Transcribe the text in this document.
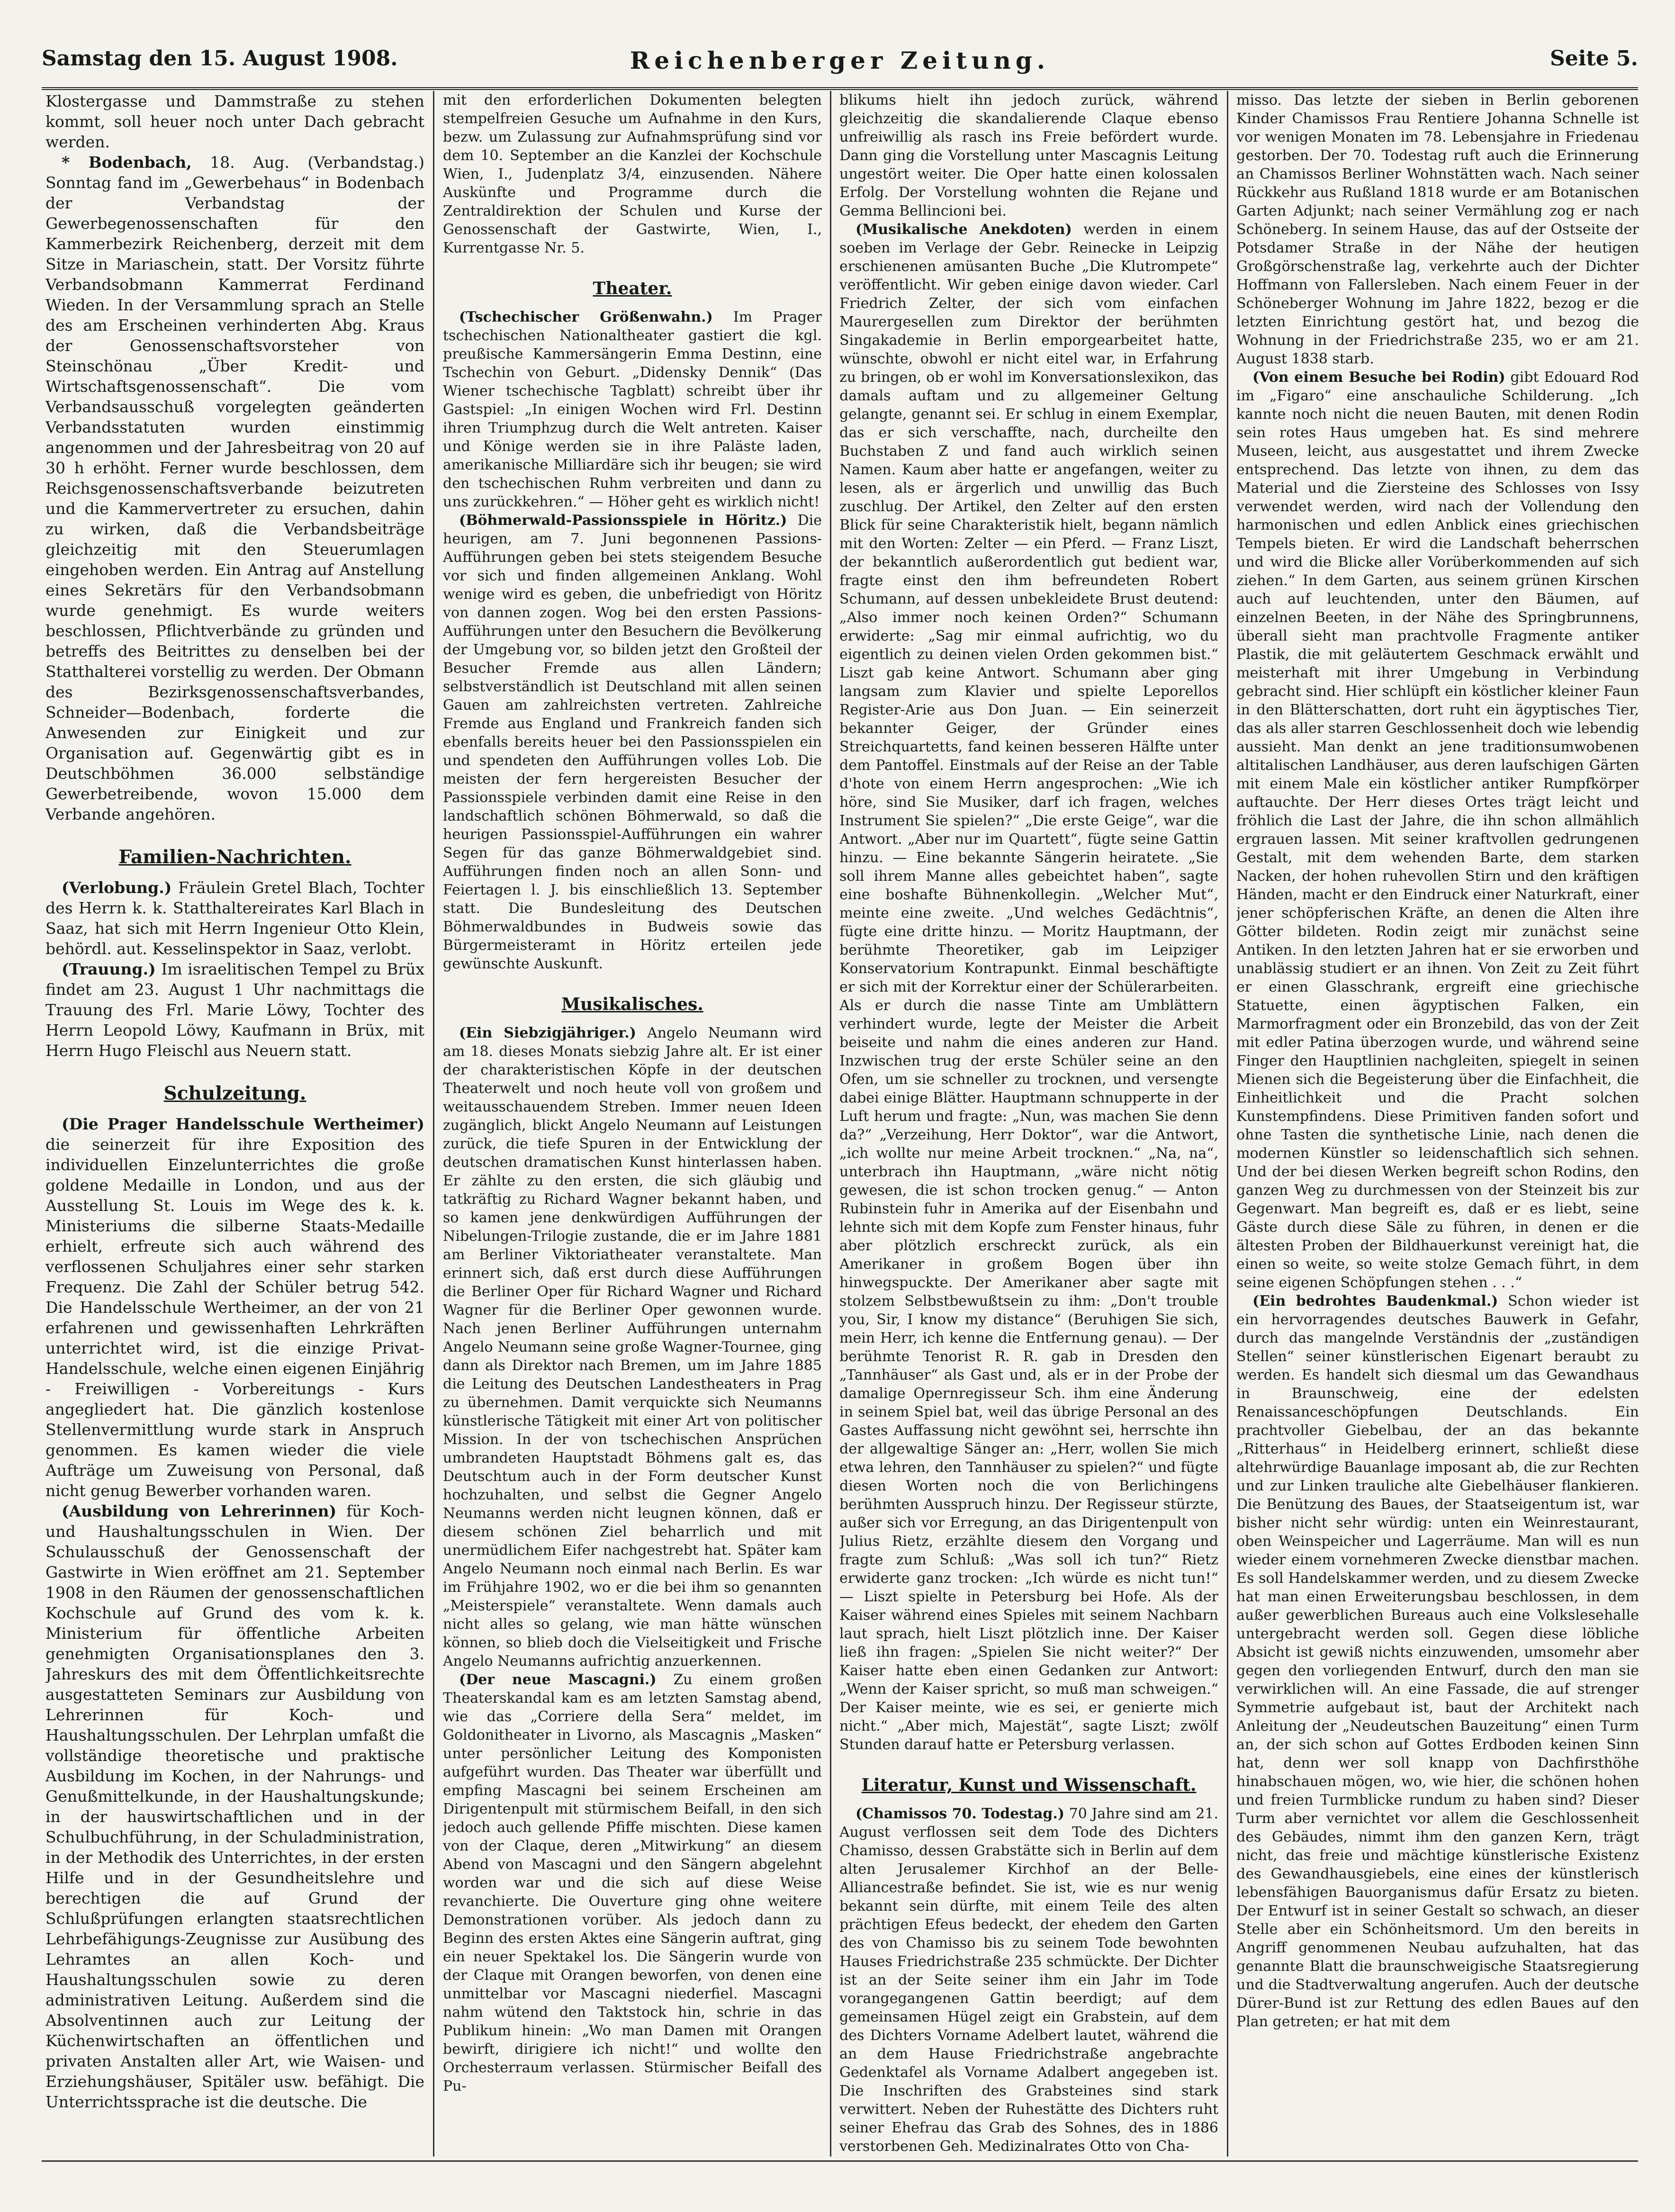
Samstag den 15. August 1908.	Reichenberger Zeitung.	Seite 5.

Klostergasse und Dammstraße zu stehen kommt, soll heuer noch unter Dach gebracht werden.

* Bodenbach, 18. Aug. (Verbandstag.) Sonntag fand im „Gewerbehaus“ in Bodenbach der Verbandstag der Gewerbegenossenschaften für den Kammerbezirk Reichenberg, derzeit mit dem Sitze in Mariaschein, statt. Der Vorsitz führte Verbandsobmann Kammerrat Ferdinand Wieden. In der Versammlung sprach an Stelle des am Erscheinen verhinderten Abg. Kraus der Genossenschaftsvorsteher von Steinschönau „Über Kredit- und Wirtschaftsgenossenschaft“. Die vom Verbandsausschuß vorgelegten geänderten Verbandsstatuten wurden einstimmig angenommen und der Jahresbeitrag von 20 auf 30 h erhöht. Ferner wurde beschlossen, dem Reichsgenossenschaftsverbande beizutreten und die Kammervertreter zu ersuchen, dahin zu wirken, daß die Verbandsbeiträge gleichzeitig mit den Steuerumlagen eingehoben werden. Ein Antrag auf Anstellung eines Sekretärs für den Verbandsobmann wurde genehmigt. Es wurde weiters beschlossen, Pflichtverbände zu gründen und betreffs des Beitrittes zu denselben bei der Statthalterei vorstellig zu werden. Der Obmann des Bezirksgenossenschaftsverbandes, Schneider—Bodenbach, forderte die Anwesenden zur Einigkeit und zur Organisation auf. Gegenwärtig gibt es in Deutschböhmen 36.000 selbständige Gewerbetreibende, wovon 15.000 dem Verbande angehören.

Familien-Nachrichten.

(Verlobung.) Fräulein Gretel Blach, Tochter des Herrn k. k. Statthaltereirates Karl Blach in Saaz, hat sich mit Herrn Ingenieur Otto Klein, behördl. aut. Kesselinspektor in Saaz, verlobt.

(Trauung.) Im israelitischen Tempel zu Brüx findet am 23. August 1 Uhr nachmittags die Trauung des Frl. Marie Löwy, Tochter des Herrn Leopold Löwy, Kaufmann in Brüx, mit Herrn Hugo Fleischl aus Neuern statt.

Schulzeitung.

(Die Prager Handelsschule Wertheimer) die seinerzeit für ihre Exposition des individuellen Einzelunterrichtes die große goldene Medaille in London, und aus der Ausstellung St. Louis im Wege des k. k. Ministeriums die silberne Staats-Medaille erhielt, erfreute sich auch während des verflossenen Schuljahres einer sehr starken Frequenz. Die Zahl der Schüler betrug 542. Die Handelsschule Wertheimer, an der von 21 erfahrenen und gewissenhaften Lehrkräften unterrichtet wird, ist die einzige Privat-Handelsschule, welche einen eigenen Einjährig - Freiwilligen - Vorbereitungs - Kurs angegliedert hat. Die gänzlich kostenlose Stellenvermittlung wurde stark in Anspruch genommen. Es kamen wieder die viele Aufträge um Zuweisung von Personal, daß nicht genug Bewerber vorhanden waren.

(Ausbildung von Lehrerinnen) für Koch- und Haushaltungsschulen in Wien. Der Schulausschuß der Genossenschaft der Gastwirte in Wien eröffnet am 21. September 1908 in den Räumen der genossenschaftlichen Kochschule auf Grund des vom k. k. Ministerium für öffentliche Arbeiten genehmigten Organisationsplanes den 3. Jahreskurs des mit dem Öffentlichkeitsrechte ausgestatteten Seminars zur Ausbildung von Lehrerinnen für Koch- und Haushaltungsschulen. Der Lehrplan umfaßt die vollständige theoretische und praktische Ausbildung im Kochen, in der Nahrungs- und Genußmittelkunde, in der Haushaltungskunde; in der hauswirtschaftlichen und in der Schulbuchführung, in der Schuladministration, in der Methodik des Unterrichtes, in der ersten Hilfe und in der Gesundheitslehre und berechtigen die auf Grund der Schlußprüfungen erlangten staatsrechtlichen Lehrbefähigungs-Zeugnisse zur Ausübung des Lehramtes an allen Koch- und Haushaltungsschulen sowie zu deren administrativen Leitung. Außerdem sind die Absolventinnen auch zur Leitung der Küchenwirtschaften an öffentlichen und privaten Anstalten aller Art, wie Waisen- und Erziehungshäuser, Spitäler usw. befähigt. Die Unterrichtssprache ist die deutsche. Die

mit den erforderlichen Dokumenten belegten stempelfreien Gesuche um Aufnahme in den Kurs, bezw. um Zulassung zur Aufnahmsprüfung sind vor dem 10. September an die Kanzlei der Kochschule Wien, I., Judenplatz 3/4, einzusenden. Nähere Auskünfte und Programme durch die Zentraldirektion der Schulen und Kurse der Genossenschaft der Gastwirte, Wien, I., Kurrentgasse Nr. 5.

Theater.

(Tschechischer Größenwahn.) Im Prager tschechischen Nationaltheater gastiert die kgl. preußische Kammersängerin Emma Destinn, eine Tschechin von Geburt. „Didensky Dennik“ (Das Wiener tschechische Tagblatt) schreibt über ihr Gastspiel: „In einigen Wochen wird Frl. Destinn ihren Triumphzug durch die Welt antreten. Kaiser und Könige werden sie in ihre Paläste laden, amerikanische Milliardäre sich ihr beugen; sie wird den tschechischen Ruhm verbreiten und dann zu uns zurückkehren.“ — Höher geht es wirklich nicht!

(Böhmerwald-Passionsspiele in Höritz.) Die heurigen, am 7. Juni begonnenen Passions-Aufführungen geben bei stets steigendem Besuche vor sich und finden allgemeinen Anklang. Wohl wenige wird es geben, die unbefriedigt von Höritz von dannen zogen. Wog bei den ersten Passions-Aufführungen unter den Besuchern die Bevölkerung der Umgebung vor, so bilden jetzt den Großteil der Besucher Fremde aus allen Ländern; selbstverständlich ist Deutschland mit allen seinen Gauen am zahlreichsten vertreten. Zahlreiche Fremde aus England und Frankreich fanden sich ebenfalls bereits heuer bei den Passionsspielen ein und spendeten den Aufführungen volles Lob. Die meisten der fern hergereisten Besucher der Passionsspiele verbinden damit eine Reise in den landschaftlich schönen Böhmerwald, so daß die heurigen Passionsspiel-Aufführungen ein wahrer Segen für das ganze Böhmerwaldgebiet sind. Aufführungen finden noch an allen Sonn- und Feiertagen l. J. bis einschließlich 13. September statt. Die Bundesleitung des Deutschen Böhmerwaldbundes in Budweis sowie das Bürgermeisteramt in Höritz erteilen jede gewünschte Auskunft.

Musikalisches.

(Ein Siebzigjähriger.) Angelo Neumann wird am 18. dieses Monats siebzig Jahre alt. Er ist einer der charakteristischen Köpfe in der deutschen Theaterwelt und noch heute voll von großem und weitausschauendem Streben. Immer neuen Ideen zugänglich, blickt Angelo Neumann auf Leistungen zurück, die tiefe Spuren in der Entwicklung der deutschen dramatischen Kunst hinterlassen haben. Er zählte zu den ersten, die sich gläubig und tatkräftig zu Richard Wagner bekannt haben, und so kamen jene denkwürdigen Aufführungen der Nibelungen-Trilogie zustande, die er im Jahre 1881 am Berliner Viktoriatheater veranstaltete. Man erinnert sich, daß erst durch diese Aufführungen die Berliner Oper für Richard Wagner und Richard Wagner für die Berliner Oper gewonnen wurde. Nach jenen Berliner Aufführungen unternahm Angelo Neumann seine große Wagner-Tournee, ging dann als Direktor nach Bremen, um im Jahre 1885 die Leitung des Deutschen Landestheaters in Prag zu übernehmen. Damit verquickte sich Neumanns künstlerische Tätigkeit mit einer Art von politischer Mission. In der von tschechischen Ansprüchen umbrandeten Hauptstadt Böhmens galt es, das Deutschtum auch in der Form deutscher Kunst hochzuhalten, und selbst die Gegner Angelo Neumanns werden nicht leugnen können, daß er diesem schönen Ziel beharrlich und mit unermüdlichem Eifer nachgestrebt hat. Später kam Angelo Neumann noch einmal nach Berlin. Es war im Frühjahre 1902, wo er die bei ihm so genannten „Meisterspiele“ veranstaltete. Wenn damals auch nicht alles so gelang, wie man hätte wünschen können, so blieb doch die Vielseitigkeit und Frische Angelo Neumanns aufrichtig anzuerkennen.

(Der neue Mascagni.) Zu einem großen Theaterskandal kam es am letzten Samstag abend, wie das „Corriere della Sera“ meldet, im Goldonitheater in Livorno, als Mascagnis „Masken“ unter persönlicher Leitung des Komponisten aufgeführt wurden. Das Theater war überfüllt und empfing Mascagni bei seinem Erscheinen am Dirigentenpult mit stürmischem Beifall, in den sich jedoch auch gellende Pfiffe mischten. Diese kamen von der Claque, deren „Mitwirkung“ an diesem Abend von Mascagni und den Sängern abgelehnt worden war und die sich auf diese Weise revanchierte. Die Ouverture ging ohne weitere Demonstrationen vorüber. Als jedoch dann zu Beginn des ersten Aktes eine Sängerin auftrat, ging ein neuer Spektakel los. Die Sängerin wurde von der Claque mit Orangen beworfen, von denen eine unmittelbar vor Mascagni niederfiel. Mascagni nahm wütend den Taktstock hin, schrie in das Publikum hinein: „Wo man Damen mit Orangen bewirft, dirigiere ich nicht!“ und wollte den Orchesterraum verlassen. Stürmischer Beifall des Pu-

blikums hielt ihn jedoch zurück, während gleichzeitig die skandalierende Claque ebenso unfreiwillig als rasch ins Freie befördert wurde. Dann ging die Vorstellung unter Mascagnis Leitung ungestört weiter. Die Oper hatte einen kolossalen Erfolg. Der Vorstellung wohnten die Rejane und Gemma Bellincioni bei.

(Musikalische Anekdoten) werden in einem soeben im Verlage der Gebr. Reinecke in Leipzig erschienenen amüsanten Buche „Die Klutrompete“ veröffentlicht. Wir geben einige davon wieder. Carl Friedrich Zelter, der sich vom einfachen Maurergesellen zum Direktor der berühmten Singakademie in Berlin emporgearbeitet hatte, wünschte, obwohl er nicht eitel war, in Erfahrung zu bringen, ob er wohl im Konversationslexikon, das damals auftam und zu allgemeiner Geltung gelangte, genannt sei. Er schlug in einem Exemplar, das er sich verschaffte, nach, durcheilte den Buchstaben Z und fand auch wirklich seinen Namen. Kaum aber hatte er angefangen, weiter zu lesen, als er ärgerlich und unwillig das Buch zuschlug. Der Artikel, den Zelter auf den ersten Blick für seine Charakteristik hielt, begann nämlich mit den Worten: Zelter — ein Pferd. — Franz Liszt, der bekanntlich außerordentlich gut bedient war, fragte einst den ihm befreundeten Robert Schumann, auf dessen unbekleidete Brust deutend: „Also immer noch keinen Orden?“ Schumann erwiderte: „Sag mir einmal aufrichtig, wo du eigentlich zu deinen vielen Orden gekommen bist.“ Liszt gab keine Antwort. Schumann aber ging langsam zum Klavier und spielte Leporellos Register-Arie aus Don Juan. — Ein seinerzeit bekannter Geiger, der Gründer eines Streichquartetts, fand keinen besseren Hälfte unter dem Pantoffel. Einstmals auf der Reise an der Table d'hote von einem Herrn angesprochen: „Wie ich höre, sind Sie Musiker, darf ich fragen, welches Instrument Sie spielen?“ „Die erste Geige“, war die Antwort. „Aber nur im Quartett“, fügte seine Gattin hinzu. — Eine bekannte Sängerin heiratete. „Sie soll ihrem Manne alles gebeichtet haben“, sagte eine boshafte Bühnenkollegin. „Welcher Mut“, meinte eine zweite. „Und welches Gedächtnis“, fügte eine dritte hinzu. — Moritz Hauptmann, der berühmte Theoretiker, gab im Leipziger Konservatorium Kontrapunkt. Einmal beschäftigte er sich mit der Korrektur einer der Schülerarbeiten. Als er durch die nasse Tinte am Umblättern verhindert wurde, legte der Meister die Arbeit beiseite und nahm die eines anderen zur Hand. Inzwischen trug der erste Schüler seine an den Ofen, um sie schneller zu trocknen, und versengte dabei einige Blätter. Hauptmann schnupperte in der Luft herum und fragte: „Nun, was machen Sie denn da?“ „Verzeihung, Herr Doktor“, war die Antwort, „ich wollte nur meine Arbeit trocknen.“ „Na, na“, unterbrach ihn Hauptmann, „wäre nicht nötig gewesen, die ist schon trocken genug.“ — Anton Rubinstein fuhr in Amerika auf der Eisenbahn und lehnte sich mit dem Kopfe zum Fenster hinaus, fuhr aber plötzlich erschreckt zurück, als ein Amerikaner in großem Bogen über ihn hinwegspuckte. Der Amerikaner aber sagte mit stolzem Selbstbewußtsein zu ihm: „Don't trouble you, Sir, I know my distance“ (Beruhigen Sie sich, mein Herr, ich kenne die Entfernung genau). — Der berühmte Tenorist R. R. gab in Dresden den „Tannhäuser“ als Gast und, als er in der Probe der damalige Opernregisseur Sch. ihm eine Änderung in seinem Spiel bat, weil das übrige Personal an des Gastes Auffassung nicht gewöhnt sei, herrschte ihn der allgewaltige Sänger an: „Herr, wollen Sie mich etwa lehren, den Tannhäuser zu spielen?“ und fügte diesen Worten noch die von Berlichingens berühmten Ausspruch hinzu. Der Regisseur stürzte, außer sich vor Erregung, an das Dirigentenpult von Julius Rietz, erzählte diesem den Vorgang und fragte zum Schluß: „Was soll ich tun?“ Rietz erwiderte ganz trocken: „Ich würde es nicht tun!“ — Liszt spielte in Petersburg bei Hofe. Als der Kaiser während eines Spieles mit seinem Nachbarn laut sprach, hielt Liszt plötzlich inne. Der Kaiser ließ ihn fragen: „Spielen Sie nicht weiter?“ Der Kaiser hatte eben einen Gedanken zur Antwort: „Wenn der Kaiser spricht, so muß man schweigen.“ Der Kaiser meinte, wie es sei, er genierte mich nicht.“ „Aber mich, Majestät“, sagte Liszt; zwölf Stunden darauf hatte er Petersburg verlassen.

Literatur, Kunst und Wissenschaft.

(Chamissos 70. Todestag.) 70 Jahre sind am 21. August verflossen seit dem Tode des Dichters Chamisso, dessen Grabstätte sich in Berlin auf dem alten Jerusalemer Kirchhof an der Belle-Alliancestraße befindet. Sie ist, wie es nur wenig bekannt sein dürfte, mit einem Teile des alten prächtigen Efeus bedeckt, der ehedem den Garten des von Chamisso bis zu seinem Tode bewohnten Hauses Friedrichstraße 235 schmückte. Der Dichter ist an der Seite seiner ihm ein Jahr im Tode vorangegangenen Gattin beerdigt; auf dem gemeinsamen Hügel zeigt ein Grabstein, auf dem des Dichters Vorname Adelbert lautet, während die an dem Hause Friedrichstraße angebrachte Gedenktafel als Vorname Adalbert angegeben ist. Die Inschriften des Grabsteines sind stark verwittert. Neben der Ruhestätte des Dichters ruht seiner Ehefrau das Grab des Sohnes, des in 1886 verstorbenen Geh. Medizinalrates Otto von Cha-

misso. Das letzte der sieben in Berlin geborenen Kinder Chamissos Frau Rentiere Johanna Schnelle ist vor wenigen Monaten im 78. Lebensjahre in Friedenau gestorben. Der 70. Todestag ruft auch die Erinnerung an Chamissos Berliner Wohnstätten wach. Nach seiner Rückkehr aus Rußland 1818 wurde er am Botanischen Garten Adjunkt; nach seiner Vermählung zog er nach Schöneberg. In seinem Hause, das auf der Ostseite der Potsdamer Straße in der Nähe der heutigen Großgörschenstraße lag, verkehrte auch der Dichter Hoffmann von Fallersleben. Nach einem Feuer in der Schöneberger Wohnung im Jahre 1822, bezog er die letzten Einrichtung gestört hat, und bezog die Wohnung in der Friedrichstraße 235, wo er am 21. August 1838 starb.

(Von einem Besuche bei Rodin) gibt Edouard Rod im „Figaro“ eine anschauliche Schilderung. „Ich kannte noch nicht die neuen Bauten, mit denen Rodin sein rotes Haus umgeben hat. Es sind mehrere Museen, leicht, aus ausgestattet und ihrem Zwecke entsprechend. Das letzte von ihnen, zu dem das Material und die Ziersteine des Schlosses von Issy verwendet werden, wird nach der Vollendung den harmonischen und edlen Anblick eines griechischen Tempels bieten. Er wird die Landschaft beherrschen und wird die Blicke aller Vorüberkommenden auf sich ziehen.“ In dem Garten, aus seinem grünen Kirschen auch auf leuchtenden, unter den Bäumen, auf einzelnen Beeten, in der Nähe des Springbrunnens, überall sieht man prachtvolle Fragmente antiker Plastik, die mit geläutertem Geschmack erwählt und meisterhaft mit ihrer Umgebung in Verbindung gebracht sind. Hier schlüpft ein köstlicher kleiner Faun in den Blätterschatten, dort ruht ein ägyptisches Tier, das als aller starren Geschlossenheit doch wie lebendig aussieht. Man denkt an jene traditionsumwobenen altitalischen Landhäuser, aus deren laufschigen Gärten mit einem Male ein köstlicher antiker Rumpfkörper auftauchte. Der Herr dieses Ortes trägt leicht und fröhlich die Last der Jahre, die ihn schon allmählich ergrauen lassen. Mit seiner kraftvollen gedrungenen Gestalt, mit dem wehenden Barte, dem starken Nacken, der hohen ruhevollen Stirn und den kräftigen Händen, macht er den Eindruck einer Naturkraft, einer jener schöpferischen Kräfte, an denen die Alten ihre Götter bildeten. Rodin zeigt mir zunächst seine Antiken. In den letzten Jahren hat er sie erworben und unablässig studiert er an ihnen. Von Zeit zu Zeit führt er einen Glasschrank, ergreift eine griechische Statuette, einen ägyptischen Falken, ein Marmorfragment oder ein Bronzebild, das von der Zeit mit edler Patina überzogen wurde, und während seine Finger den Hauptlinien nachgleiten, spiegelt in seinen Mienen sich die Begeisterung über die Einfachheit, die Einheitlichkeit und die Pracht solchen Kunstempfindens. Diese Primitiven fanden sofort und ohne Tasten die synthetische Linie, nach denen die modernen Künstler so leidenschaftlich sich sehnen. Und der bei diesen Werken begreift schon Rodins, den ganzen Weg zu durchmessen von der Steinzeit bis zur Gegenwart. Man begreift es, daß er es liebt, seine Gäste durch diese Säle zu führen, in denen er die ältesten Proben der Bildhauerkunst vereinigt hat, die einen so weite, so weite stolze Gemach führt, in dem seine eigenen Schöpfungen stehen . . .“

(Ein bedrohtes Baudenkmal.) Schon wieder ist ein hervorragendes deutsches Bauwerk in Gefahr, durch das mangelnde Verständnis der „zuständigen Stellen“ seiner künstlerischen Eigenart beraubt zu werden. Es handelt sich diesmal um das Gewandhaus in Braunschweig, eine der edelsten Renaissanceschöpfungen Deutschlands. Ein prachtvoller Giebelbau, der an das bekannte „Ritterhaus“ in Heidelberg erinnert, schließt diese altehrwürdige Bauanlage imposant ab, die zur Rechten und zur Linken trauliche alte Giebelhäuser flankieren. Die Benützung des Baues, der Staatseigentum ist, war bisher nicht sehr würdig: unten ein Weinrestaurant, oben Weinspeicher und Lagerräume. Man will es nun wieder einem vornehmeren Zwecke dienstbar machen. Es soll Handelskammer werden, und zu diesem Zwecke hat man einen Erweiterungsbau beschlossen, in dem außer gewerblichen Bureaus auch eine Volkslesehalle untergebracht werden soll. Gegen diese löbliche Absicht ist gewiß nichts einzuwenden, umsomehr aber gegen den vorliegenden Entwurf, durch den man sie verwirklichen will. An eine Fassade, die auf strenger Symmetrie aufgebaut ist, baut der Architekt nach Anleitung der „Neudeutschen Bauzeitung“ einen Turm an, der sich schon auf Gottes Erdboden keinen Sinn hat, denn wer soll knapp von Dachfirsthöhe hinabschauen mögen, wo, wie hier, die schönen hohen und freien Turmblicke rundum zu haben sind? Dieser Turm aber vernichtet vor allem die Geschlossenheit des Gebäudes, nimmt ihm den ganzen Kern, trägt nicht, das freie und mächtige künstlerische Existenz des Gewandhausgiebels, eine eines der künstlerisch lebensfähigen Bauorganismus dafür Ersatz zu bieten. Der Entwurf ist in seiner Gestalt so schwach, an dieser Stelle aber ein Schönheitsmord. Um den bereits in Angriff genommenen Neubau aufzuhalten, hat das genannte Blatt die braunschweigische Staatsregierung und die Stadtverwaltung angerufen. Auch der deutsche Dürer-Bund ist zur Rettung des edlen Baues auf den Plan getreten; er hat mit dem
